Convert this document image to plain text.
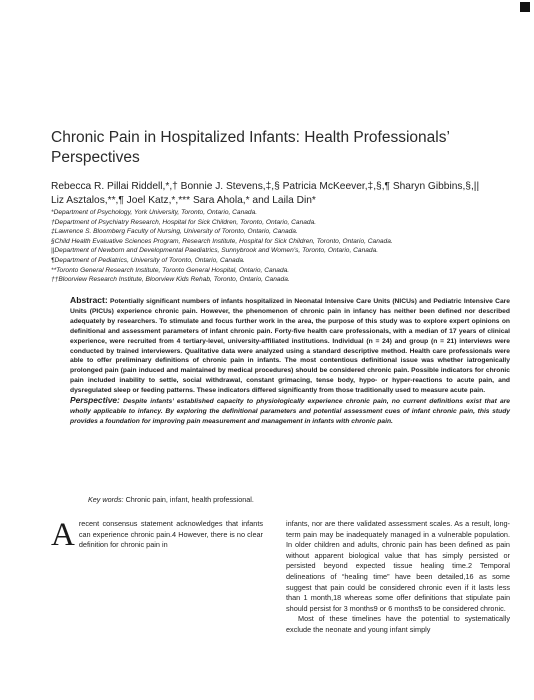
Chronic Pain in Hospitalized Infants: Health Professionals’
Perspectives
Rebecca R. Pillai Riddell,*,† Bonnie J. Stevens,‡,§ Patricia McKeever,‡,§,¶ Sharyn Gibbins,§,||
Liz Asztalos,**,¶ Joel Katz,*,*** Sara Ahola,* and Laila Din*
*Department of Psychology, York University, Toronto, Ontario, Canada.
†Department of Psychiatry Research, Hospital for Sick Children, Toronto, Ontario, Canada.
‡Lawrence S. Bloomberg Faculty of Nursing, University of Toronto, Ontario, Canada.
§Child Health Evaluative Sciences Program, Research Institute, Hospital for Sick Children, Toronto, Ontario, Canada.
||Department of Newborn and Developmental Paediatrics, Sunnybrook and Women’s, Toronto, Ontario, Canada.
¶Department of Pediatrics, University of Toronto, Ontario, Canada.
**Toronto General Research Institute, Toronto General Hospital, Ontario, Canada.
††Bloorview Research Institute, Bloorview Kids Rehab, Toronto, Ontario, Canada.

Abstract: Potentially significant numbers of infants hospitalized in Neonatal Intensive Care Units (NICUs) and Pediatric Intensive Care Units (PICUs) experience chronic pain. However, the phenomenon of chronic pain in infancy has neither been defined nor described adequately by researchers. To stimulate and focus further work in the area, the purpose of this study was to explore expert opinions on definitional and assessment parameters of infant chronic pain. Forty-five health care professionals, with a median of 17 years of clinical experience, were recruited from 4 tertiary-level, university-affiliated institutions. Individual (n = 24) and group (n = 21) interviews were conducted by trained interviewers. Qualitative data were analyzed using a standard descriptive method. Health care professionals were able to offer preliminary definitions of chronic pain in infants. The most contentious definitional issue was whether iatrogenically prolonged pain (pain induced and maintained by medical procedures) should be considered chronic pain. Possible indicators for chronic pain included inability to settle, social withdrawal, constant grimacing, tense body, hypo- or hyper-reactions to acute pain, and dysregulated sleep or feeding patterns. These indicators differed significantly from those traditionally used to measure acute pain.

Perspective: Despite infants’ established capacity to physiologically experience chronic pain, no current definitions exist that are wholly applicable to infancy. By exploring the definitional parameters and potential assessment cues of infant chronic pain, this study provides a foundation for improving pain measurement and management in infants with chronic pain.

Key words: Chronic pain, infant, health professional.

A recent consensus statement acknowledges that infants can experience chronic pain.4 However, there is no clear definition for chronic pain in

infants, nor are there validated assessment scales. As a result, long-term pain may be inadequately managed in a vulnerable population. In older children and adults, chronic pain has been defined as pain without apparent biological value that has simply persisted or persisted beyond expected tissue healing time.2 Temporal delineations of “healing time” have been detailed,16 as some suggest that pain could be considered chronic even if it lasts less than 1 month,18 whereas some offer definitions that stipulate pain should persist for 3 months9 or 6 months5 to be considered chronic.

Most of these timelines have the potential to systematically exclude the neonate and young infant simply
